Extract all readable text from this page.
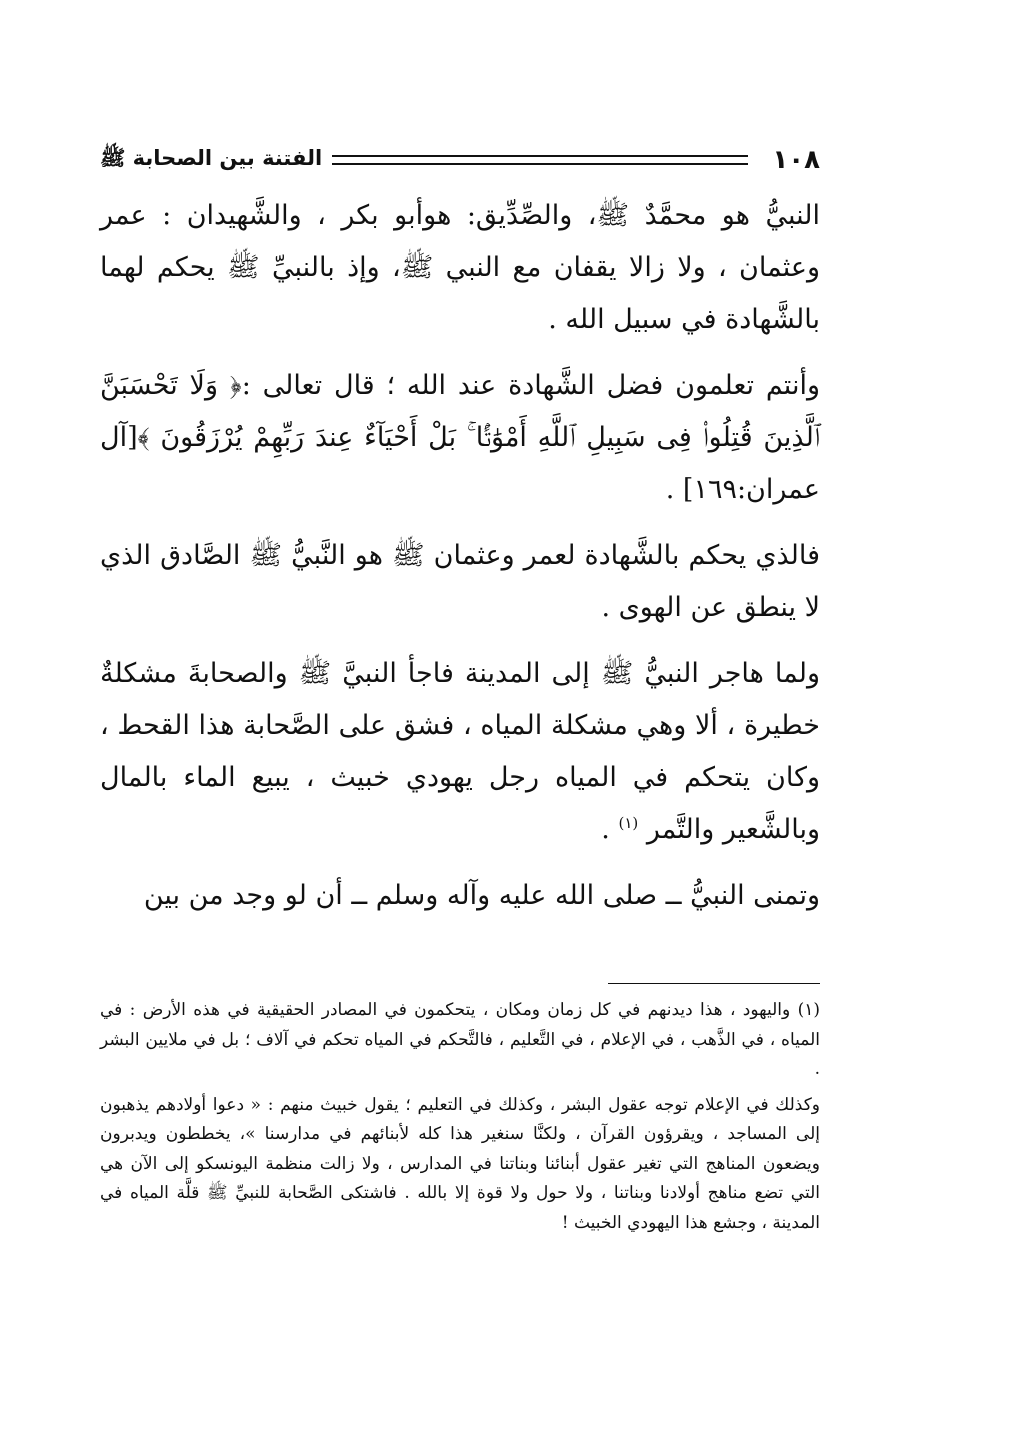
١٠٨
الفتنة بين الصحابة ﷺ

النبيُّ هو محمَّدٌ ﷺ، والصِّدِّيق: هوأبو بكر ، والشَّهيدان : عمر وعثمان ، ولا زالا يقفان مع النبي ﷺ، وإذ بالنبيِّ ﷺ يحكم لهما بالشَّهادة في سبيل الله .

وأنتم تعلمون فضل الشَّهادة عند الله ؛ قال تعالى :﴿ وَلَا تَحْسَبَنَّ ٱلَّذِينَ قُتِلُوا۟ فِى سَبِيلِ ٱللَّهِ أَمْوَٰتًۢا ۚ بَلْ أَحْيَآءٌ عِندَ رَبِّهِمْ يُرْزَقُونَ ﴾[آل عمران:١٦٩] .

فالذي يحكم بالشَّهادة لعمر وعثمان ﷺ هو النَّبيُّ ﷺ الصَّادق الذي لا ينطق عن الهوى .

ولما هاجر النبيُّ ﷺ إلى المدينة فاجأ النبيَّ ﷺ والصحابةَ مشكلةٌ خطيرة ، ألا وهي مشكلة المياه ، فشق على الصَّحابة هذا القحط ، وكان يتحكم في المياه رجل يهودي خبيث ، يبيع الماء بالمال وبالشَّعير والتَّمر $^{(١)}$ .

وتمنى النبيُّ ــ صلى الله عليه وآله وسلم ــ أن لو وجد من بين

(١) واليهود ، هذا ديدنهم في كل زمان ومكان ، يتحكمون في المصادر الحقيقية في هذه الأرض : في المياه ، في الذَّهب ، في الإعلام ، في التَّعليم ، فالتَّحكم في المياه تحكم في آلاف ؛ بل في ملايين البشر .

وكذلك في الإعلام توجه عقول البشر ، وكذلك في التعليم ؛ يقول خبيث منهم : « دعوا أولادهم يذهبون إلى المساجد ، ويقرؤون القرآن ، ولكنَّا سنغير هذا كله لأبنائهم في مدارسنا »، يخططون ويدبرون ويضعون المناهج التي تغير عقول أبنائنا وبناتنا في المدارس ، ولا زالت منظمة اليونسكو إلى الآن هي التي تضع مناهج أولادنا وبناتنا ، ولا حول ولا قوة إلا بالله . فاشتكى الصَّحابة للنبيِّ ﷺ قلَّة المياه في المدينة ، وجشع هذا اليهودي الخبيث !
